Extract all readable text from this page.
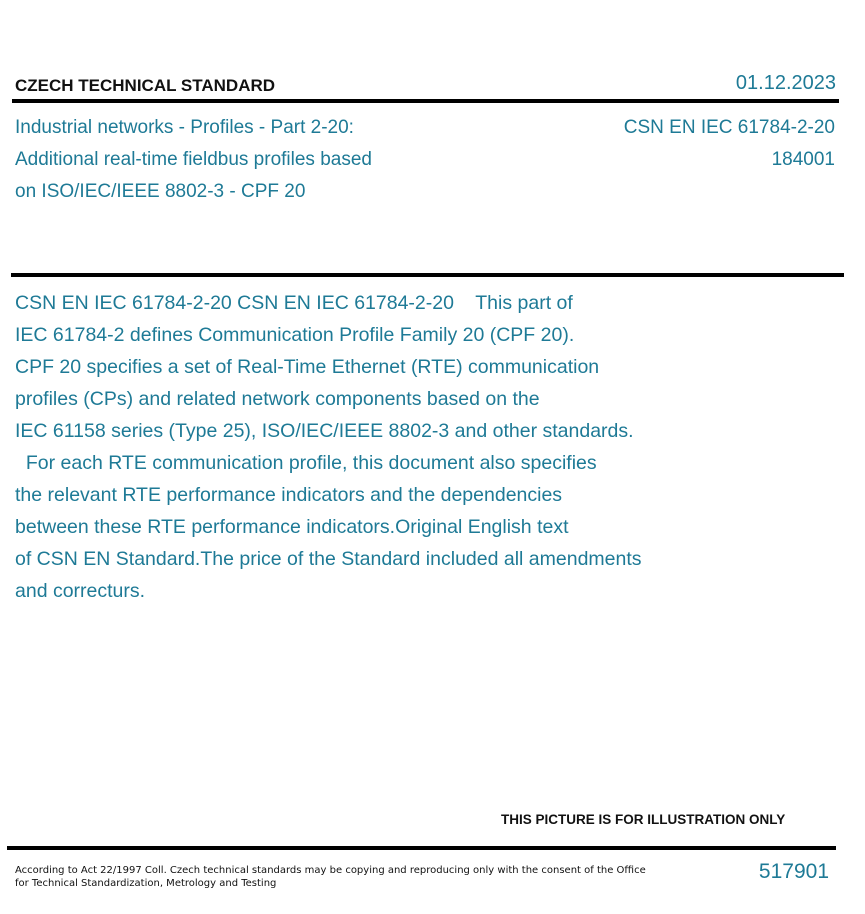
CZECH TECHNICAL STANDARD	01.12.2023
Industrial networks - Profiles - Part 2-20:
Additional real-time fieldbus profiles based
on ISO/IEC/IEEE 8802-3 - CPF 20
CSN EN IEC 61784-2-20
184001
CSN EN IEC 61784-2-20 CSN EN IEC 61784-2-20    This part of
IEC 61784-2 defines Communication Profile Family 20 (CPF 20).
CPF 20 specifies a set of Real-Time Ethernet (RTE) communication
profiles (CPs) and related network components based on the
IEC 61158 series (Type 25), ISO/IEC/IEEE 8802-3 and other standards.
For each RTE communication profile, this document also specifies
the relevant RTE performance indicators and the dependencies
between these RTE performance indicators.Original English text
of CSN EN Standard.The price of the Standard included all amendments
and correcturs.
THIS PICTURE IS FOR ILLUSTRATION ONLY
According to Act 22/1997 Coll. Czech technical standards may be copying and reproducing only with the consent of the Office
for Technical Standardization, Metrology and Testing
517901
